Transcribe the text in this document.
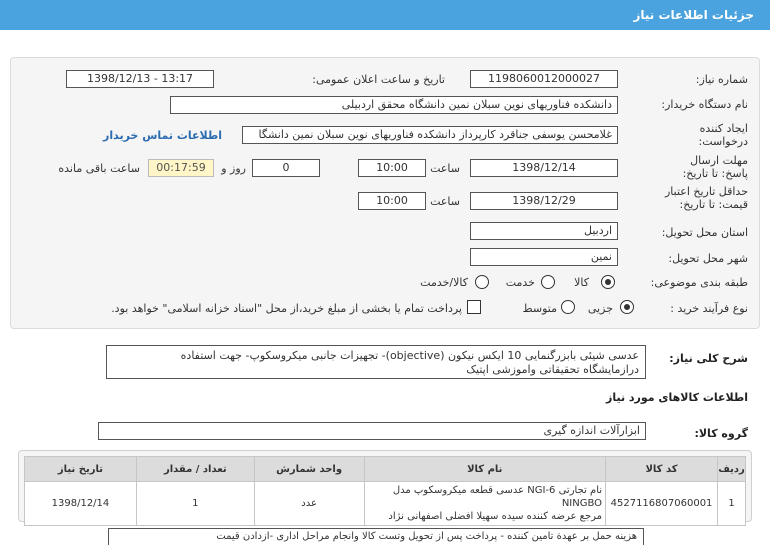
جزئیات اطلاعات نیاز
شماره نیاز:
1198060012000027
تاریخ و ساعت اعلان عمومی:
1398/12/13 - 13:17
نام دستگاه خریدار:
دانشکده فناوریهای نوین سبلان نمین دانشگاه محقق اردبیلی
ایجاد کننده درخواست:
غلامحسن یوسفی جناقرد کارپرداز دانشکده فناوریهای نوین سبلان نمین دانشگا
اطلاعات تماس خریدار
مهلت ارسال پاسخ: تا تاریخ:
1398/12/14
ساعت
10:00
0
روز و
00:17:59
ساعت باقی مانده
حداقل تاریخ اعتبار قیمت: تا تاریخ:
1398/12/29
ساعت
10:00
استان محل تحویل:
اردبیل
شهر محل تحویل:
نمین
طبقه بندی موضوعی:
کالا
خدمت
کالا/خدمت
نوع فرآیند خرید :
جزیی
متوسط
پرداخت تمام یا بخشی از مبلغ خرید،از محل "اسناد خزانه اسلامی" خواهد بود.
شرح کلی نیاز:
عدسی شیئی بابزرگنمایی 10 ایکس نیکون (objective)- تجهیزات جانبی میکروسکوپ- جهت استفاده
درازمایشگاه تحقیقاتی واموزشی اپتیک
اطلاعات کالاهای مورد نیاز
گروه کالا:
ابزارآلات اندازه گیری
ردیف	کد کالا	نام کالا	واحد شمارش	تعداد / مقدار	تاریخ نیاز
1	4527116807060001	عدسی قطعه میکروسکوپ مدل NGI-6 نام تجارتی NINGBO
مرجع عرضه کننده سیده سهیلا افضلی اصفهانی نژاد	عدد	1	1398/12/14
هزینه حمل بر عهدة تامین کننده - پرداخت پس از تحویل وتست کالا وانجام مراحل اداری -ازدادن قیمت
